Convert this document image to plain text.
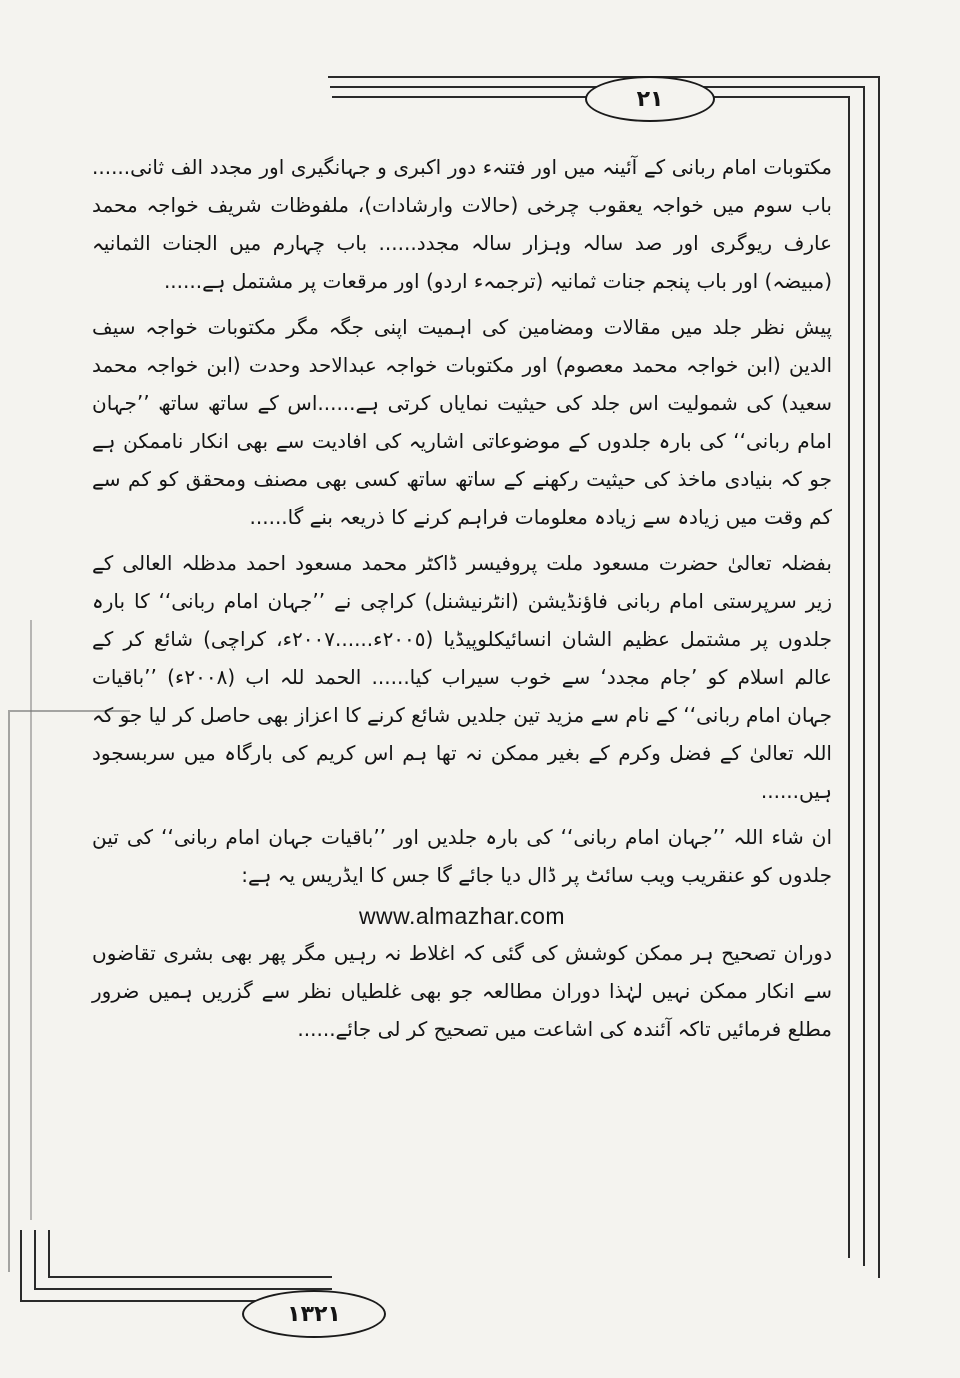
٢١

مکتوبات امام ربانی کے آئینہ میں اور فتنہء دور اکبری و جہانگیری اور مجدد الف ثانی...... باب سوم میں خواجہ یعقوب چرخی (حالات وارشادات)، ملفوظات شریف خواجہ محمد عارف ریوگری اور صد سالہ وہزار سالہ مجدد...... باب چہارم میں الجنات الثمانیہ (مبیضہ) اور باب پنجم جنات ثمانیہ (ترجمہء اردو) اور مرقعات پر مشتمل ہے......

پیش نظر جلد میں مقالات ومضامین کی اہمیت اپنی جگہ مگر مکتوبات خواجہ سیف الدین (ابن خواجہ محمد معصوم) اور مکتوبات خواجہ عبدالاحد وحدت (ابن خواجہ محمد سعید) کی شمولیت اس جلد کی حیثیت نمایاں کرتی ہے......اس کے ساتھ ساتھ ’’جہان امام ربانی‘‘ کی بارہ جلدوں کے موضوعاتی اشاریہ کی افادیت سے بھی انکار ناممکن ہے جو کہ بنیادی ماخذ کی حیثیت رکھنے کے ساتھ ساتھ کسی بھی مصنف ومحقق کو کم سے کم وقت میں زیادہ سے زیادہ معلومات فراہم کرنے کا ذریعہ بنے گا......

بفضلہ تعالیٰ حضرت مسعود ملت پروفیسر ڈاکٹر محمد مسعود احمد مدظلہ العالی کے زیر سرپرستی امام ربانی فاؤنڈیشن (انٹرنیشنل) کراچی نے ’’جہان امام ربانی‘‘ کا بارہ جلدوں پر مشتمل عظیم الشان انسائیکلوپیڈیا (٢٠٠٥ء......٢٠٠٧ء، کراچی) شائع کر کے عالم اسلام کو ’جام مجدد‘ سے خوب سیراب کیا...... الحمد للہ اب (٢٠٠٨ء) ’’باقیات جہان امام ربانی‘‘ کے نام سے مزید تین جلدیں شائع کرنے کا اعزاز بھی حاصل کر لیا جو کہ اللہ تعالیٰ کے فضل وکرم کے بغیر ممکن نہ تھا ہم اس کریم کی بارگاہ میں سربسجود ہیں......

ان شاء اللہ ’’جہان امام ربانی‘‘ کی بارہ جلدیں اور ’’باقیات جہان امام ربانی‘‘ کی تین جلدوں کو عنقریب ویب سائٹ پر ڈال دیا جائے گا جس کا ایڈریس یہ ہے:

www.almazhar.com

دوران تصحیح ہر ممکن کوشش کی گئی کہ اغلاط نہ رہیں مگر پھر بھی بشری تقاضوں سے انکار ممکن نہیں لہٰذا دوران مطالعہ جو بھی غلطیاں نظر سے گزریں ہمیں ضرور مطلع فرمائیں تاکہ آئندہ کی اشاعت میں تصحیح کر لی جائے......

١٣٢١
